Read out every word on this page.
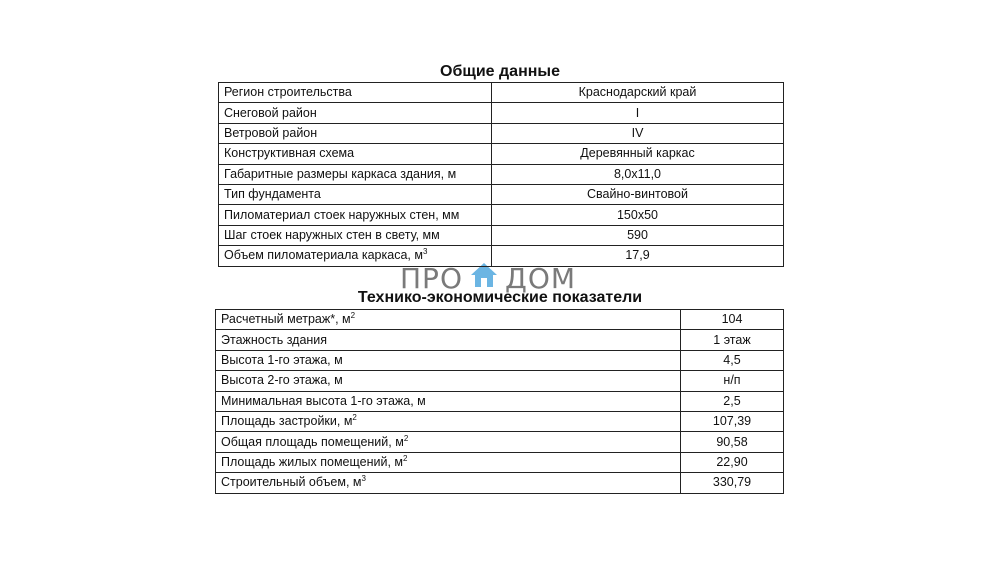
ПРО ДОМ
Общие данные
Регион строительства	Краснодарский край
Снеговой район	I
Ветровой район	IV
Конструктивная схема	Деревянный каркас
Габаритные размеры каркаса здания, м	8,0х11,0
Тип фундамента	Свайно-винтовой
Пиломатериал стоек наружных стен, мм	150х50
Шаг стоек наружных стен в свету, мм	590
Объем пиломатериала каркаса, $м^3$	17,9
Технико-экономические показатели
Расчетный метраж*, $м^2$	104
Этажность здания	1 этаж
Высота 1-го этажа, м	4,5
Высота 2-го этажа, м	н/п
Минимальная высота 1-го этажа, м	2,5
Площадь застройки, $м^2$	107,39
Общая площадь помещений, $м^2$	90,58
Площадь жилых помещений, $м^2$	22,90
Строительный объем, $м^3$	330,79
